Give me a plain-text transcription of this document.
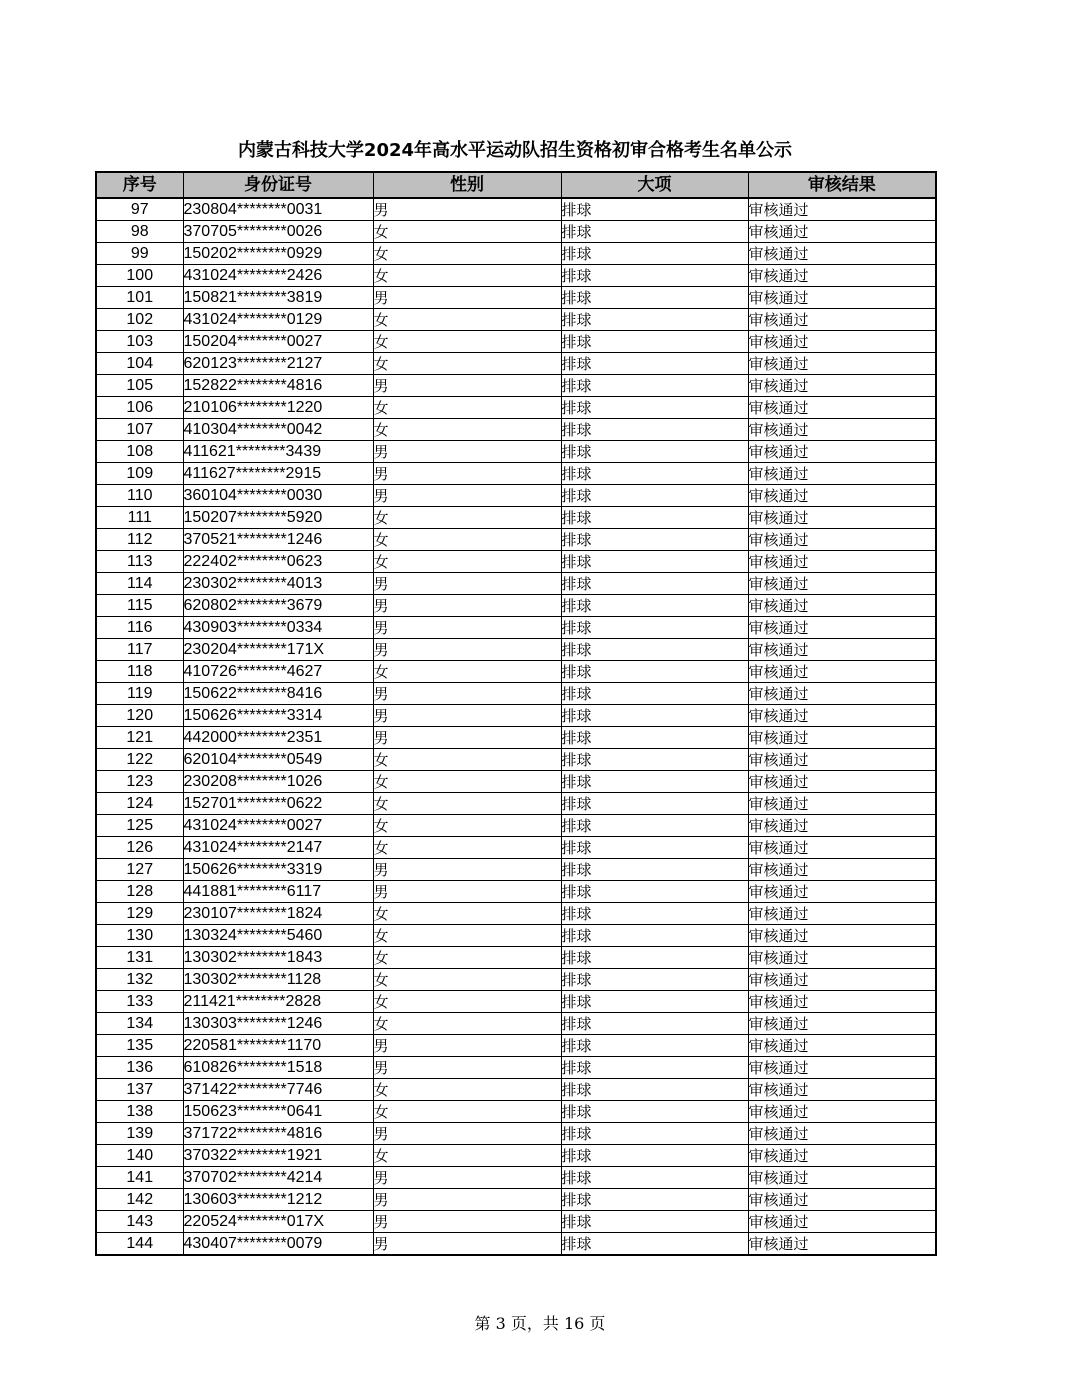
内蒙古科技大学2024年高水平运动队招生资格初审合格考生名单公示
序号	身份证号	性别	大项	审核结果
97	230804********0031	男	排球	审核通过
98	370705********0026	女	排球	审核通过
99	150202********0929	女	排球	审核通过
100	431024********2426	女	排球	审核通过
101	150821********3819	男	排球	审核通过
102	431024********0129	女	排球	审核通过
103	150204********0027	女	排球	审核通过
104	620123********2127	女	排球	审核通过
105	152822********4816	男	排球	审核通过
106	210106********1220	女	排球	审核通过
107	410304********0042	女	排球	审核通过
108	411621********3439	男	排球	审核通过
109	411627********2915	男	排球	审核通过
110	360104********0030	男	排球	审核通过
111	150207********5920	女	排球	审核通过
112	370521********1246	女	排球	审核通过
113	222402********0623	女	排球	审核通过
114	230302********4013	男	排球	审核通过
115	620802********3679	男	排球	审核通过
116	430903********0334	男	排球	审核通过
117	230204********171X	男	排球	审核通过
118	410726********4627	女	排球	审核通过
119	150622********8416	男	排球	审核通过
120	150626********3314	男	排球	审核通过
121	442000********2351	男	排球	审核通过
122	620104********0549	女	排球	审核通过
123	230208********1026	女	排球	审核通过
124	152701********0622	女	排球	审核通过
125	431024********0027	女	排球	审核通过
126	431024********2147	女	排球	审核通过
127	150626********3319	男	排球	审核通过
128	441881********6117	男	排球	审核通过
129	230107********1824	女	排球	审核通过
130	130324********5460	女	排球	审核通过
131	130302********1843	女	排球	审核通过
132	130302********1128	女	排球	审核通过
133	211421********2828	女	排球	审核通过
134	130303********1246	女	排球	审核通过
135	220581********1170	男	排球	审核通过
136	610826********1518	男	排球	审核通过
137	371422********7746	女	排球	审核通过
138	150623********0641	女	排球	审核通过
139	371722********4816	男	排球	审核通过
140	370322********1921	女	排球	审核通过
141	370702********4214	男	排球	审核通过
142	130603********1212	男	排球	审核通过
143	220524********017X	男	排球	审核通过
144	430407********0079	男	排球	审核通过
第 3 页，共 16 页
